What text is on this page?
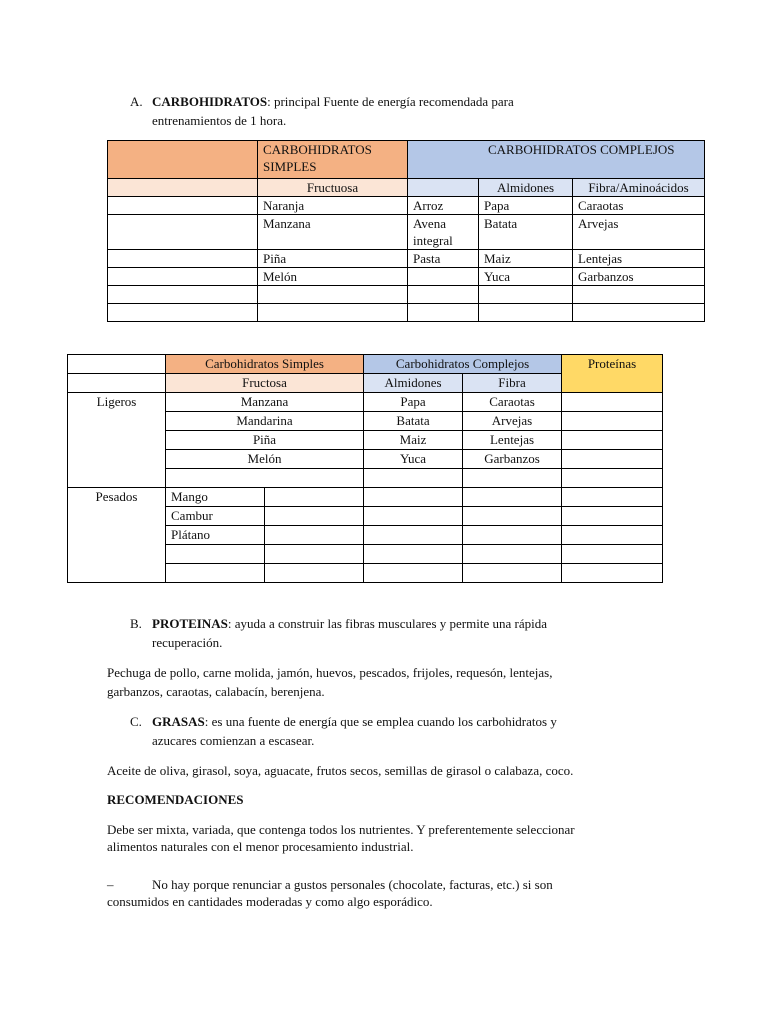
A. CARBOHIDRATOS: principal Fuente de energía recomendada para
entrenamientos de 1 hora.

	CARBOHIDRATOS
SIMPLES	CARBOHIDRATOS COMPLEJOS		
	Fructuosa		Almidones	Fibra/Aminoácidos
	Naranja	Arroz	Papa	Caraotas
	Manzana	Avena integral	Batata	Arvejas
	Piña	Pasta	Maiz	Lentejas
	Melón		Yuca	Garbanzos

	Carbohidratos Simples		Carbohidratos Complejos		Proteínas
	Fructosa		Almidones	Fibra	
Ligeros	Manzana		Papa	Caraotas	
	Mandarina		Batata	Arvejas	
	Piña		Maiz	Lentejas	
	Melón		Yuca	Garbanzos	

Pesados	Mango				
	Cambur				
	Plátano				

B. PROTEINAS: ayuda a construir las fibras musculares y permite una rápida
recuperación.
Pechuga de pollo, carne molida, jamón, huevos, pescados, frijoles, requesón, lentejas,
garbanzos, caraotas, calabacín, berenjena.
C. GRASAS: es una fuente de energía que se emplea cuando los carbohidratos y
azucares comienzan a escasear.
Aceite de oliva, girasol, soya, aguacate, frutos secos, semillas de girasol o calabaza, coco.
RECOMENDACIONES
Debe ser mixta, variada, que contenga todos los nutrientes. Y preferentemente seleccionar
alimentos naturales con el menor procesamiento industrial.
–	No hay porque renunciar a gustos personales (chocolate, facturas, etc.) si son
consumidos en cantidades moderadas y como algo esporádico.
